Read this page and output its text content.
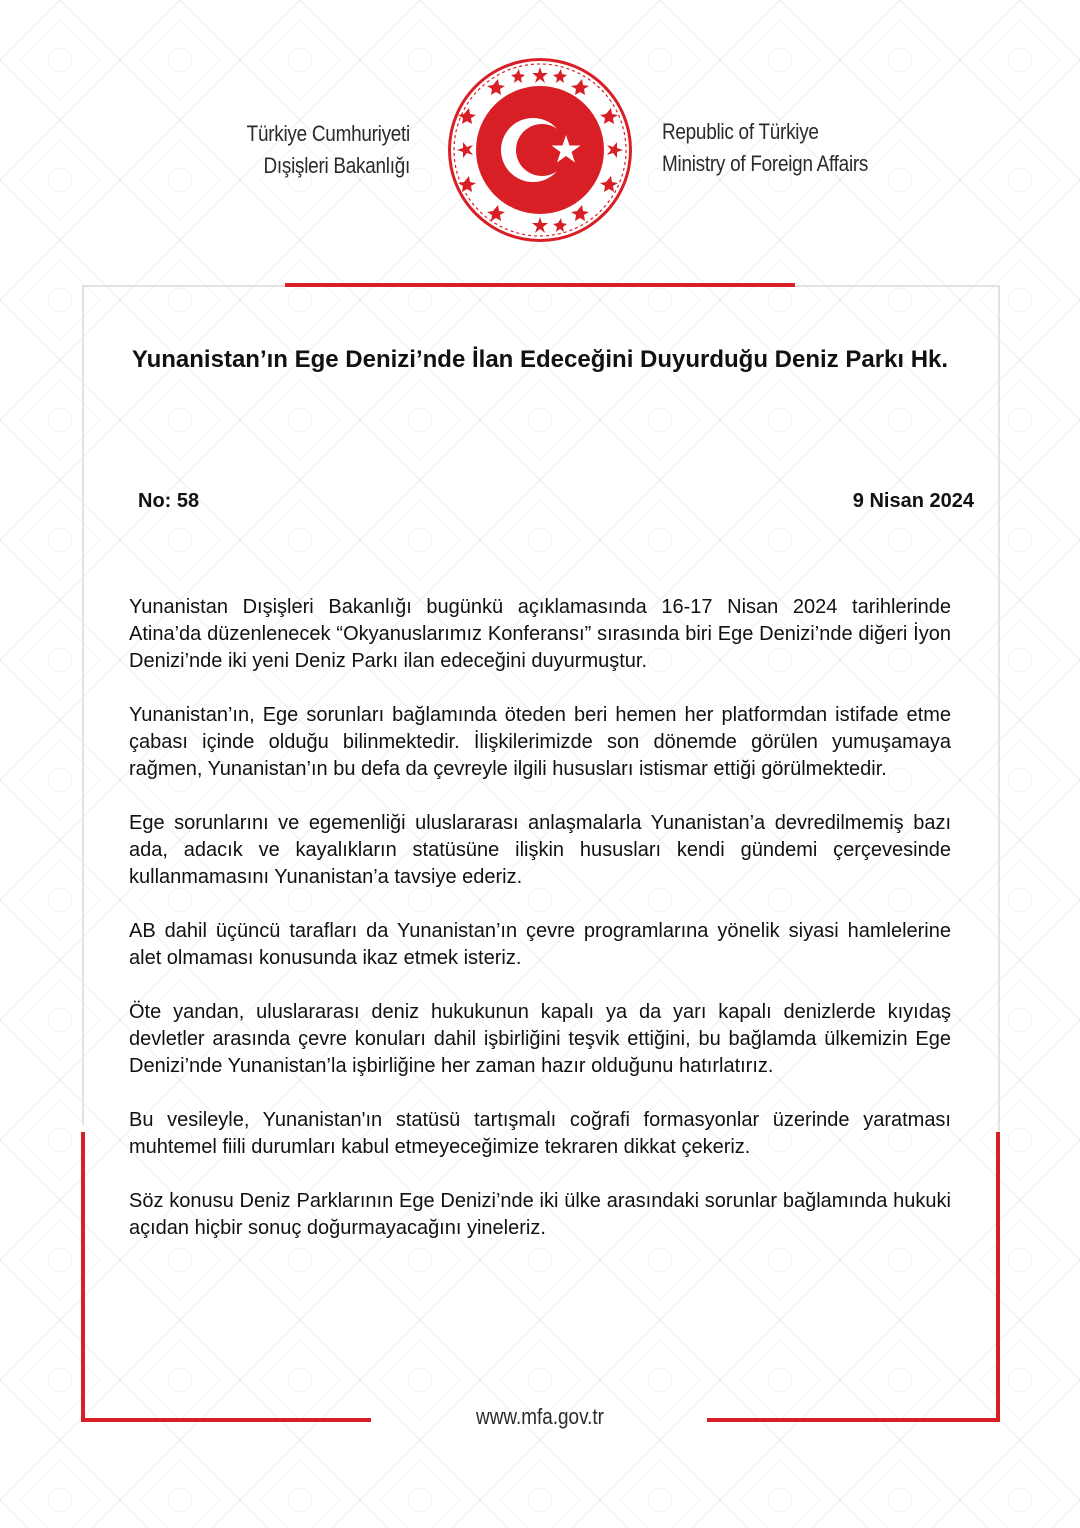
Türkiye Cumhuriyeti
Dışişleri Bakanlığı
Republic of Türkiye
Ministry of Foreign Affairs
Yunanistan’ın Ege Denizi’nde İlan Edeceğini Duyurduğu Deniz Parkı Hk.
No: 58	9 Nisan 2024

Yunanistan Dışişleri Bakanlığı bugünkü açıklamasında 16-17 Nisan 2024 tarihlerinde Atina’da düzenlenecek “Okyanuslarımız Konferansı” sırasında biri Ege Denizi’nde diğeri İyon Denizi’nde iki yeni Deniz Parkı ilan edeceğini duyurmuştur.

Yunanistan’ın, Ege sorunları bağlamında öteden beri hemen her platformdan istifade etme çabası içinde olduğu bilinmektedir. İlişkilerimizde son dönemde görülen yumuşamaya rağmen, Yunanistan’ın bu defa da çevreyle ilgili hususları istismar ettiği görülmektedir.

Ege sorunlarını ve egemenliği uluslararası anlaşmalarla Yunanistan’a devredilmemiş bazı ada, adacık ve kayalıkların statüsüne ilişkin hususları kendi gündemi çerçevesinde kullanmamasını Yunanistan’a tavsiye ederiz.

AB dahil üçüncü tarafları da Yunanistan’ın çevre programlarına yönelik siyasi hamlelerine alet olmaması konusunda ikaz etmek isteriz.

Öte yandan, uluslararası deniz hukukunun kapalı ya da yarı kapalı denizlerde kıyıdaş devletler arasında çevre konuları dahil işbirliğini teşvik ettiğini, bu bağlamda ülkemizin Ege Denizi’nde Yunanistan’la işbirliğine her zaman hazır olduğunu hatırlatırız.

Bu vesileyle, Yunanistan'ın statüsü tartışmalı coğrafi formasyonlar üzerinde yaratması muhtemel fiili durumları kabul etmeyeceğimize tekraren dikkat çekeriz.

Söz konusu Deniz Parklarının Ege Denizi’nde iki ülke arasındaki sorunlar bağlamında hukuki açıdan hiçbir sonuç doğurmayacağını yineleriz.

www.mfa.gov.tr
